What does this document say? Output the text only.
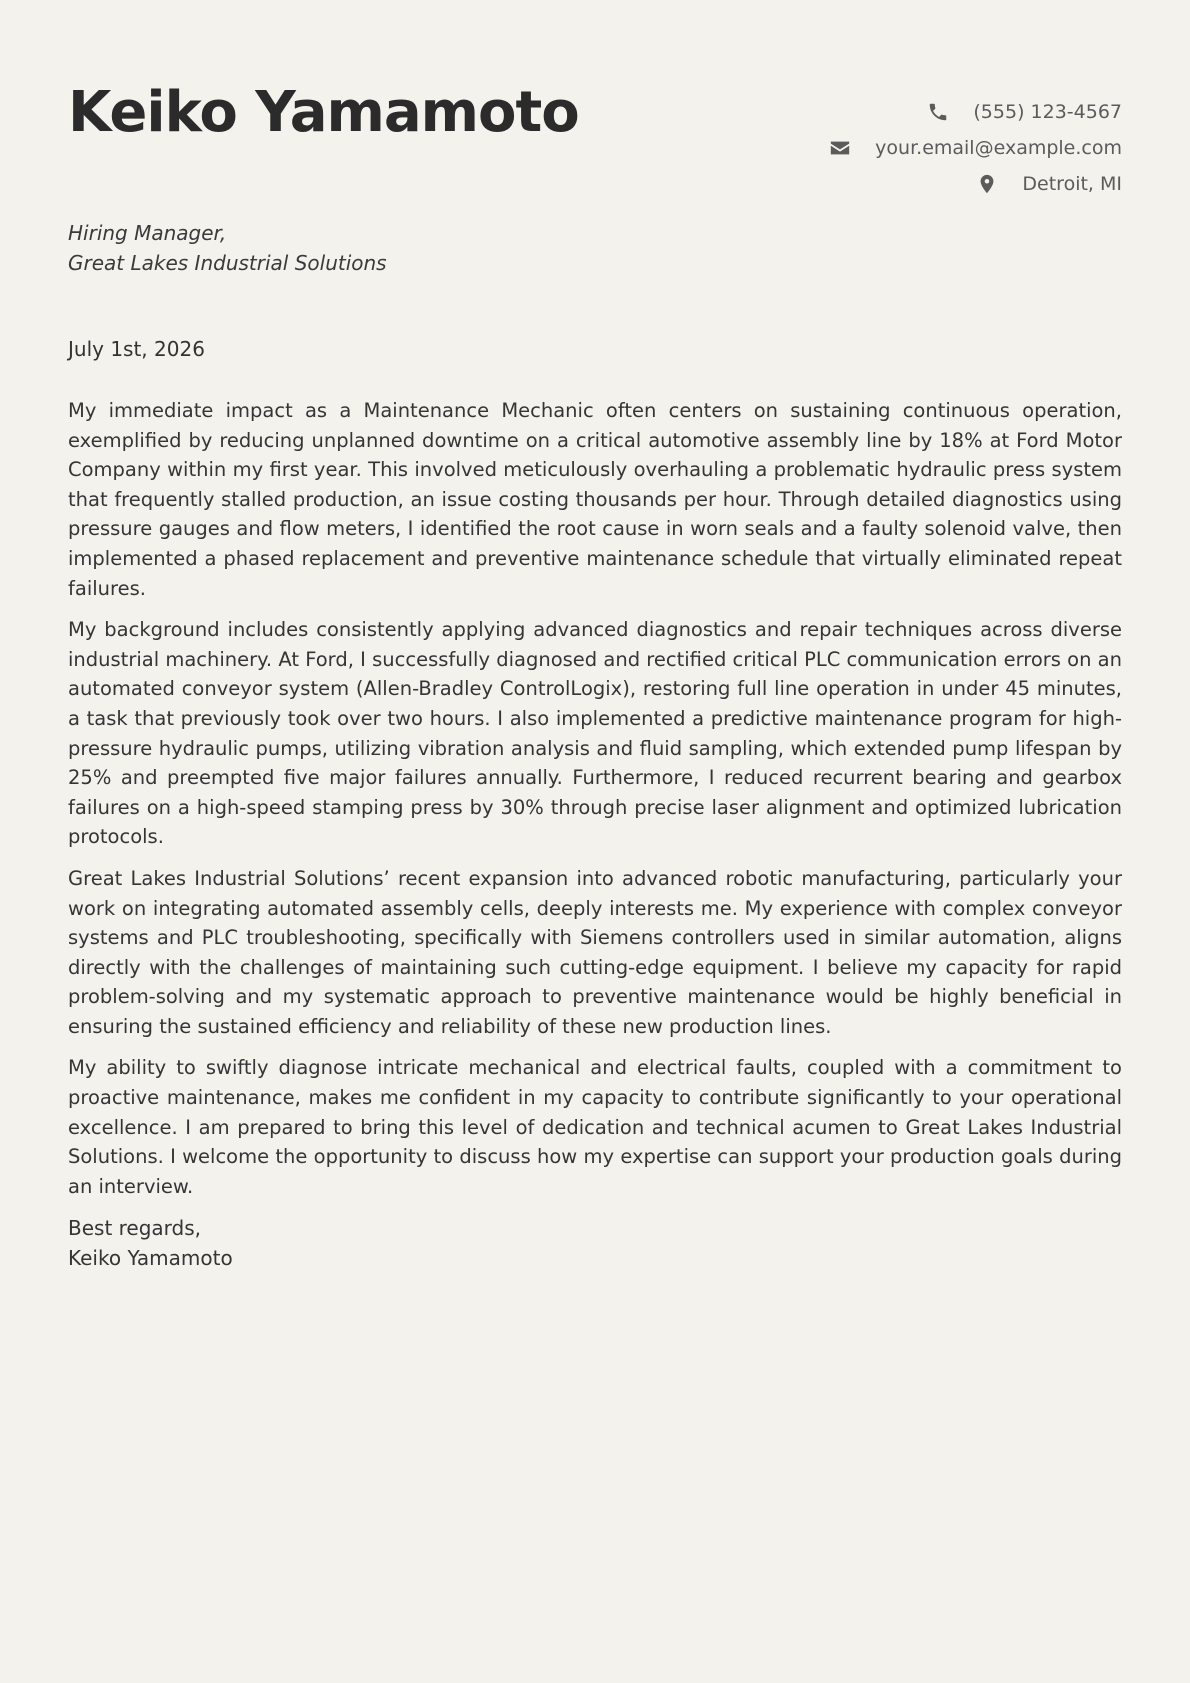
Keiko Yamamoto	(555) 123-4567
your.email@example.com
Detroit, MI
Hiring Manager,
Great Lakes Industrial Solutions
July 1st, 2026

My immediate impact as a Maintenance Mechanic often centers on sustaining continuous operation, exemplified by reducing unplanned downtime on a critical automotive assembly line by 18% at Ford Motor Company within my first year. This involved meticulously overhauling a problematic hydraulic press system that frequently stalled production, an issue costing thousands per hour. Through detailed diagnostics using pressure gauges and flow meters, I identified the root cause in worn seals and a faulty solenoid valve, then implemented a phased replacement and preventive maintenance schedule that virtually eliminated repeat failures.

My background includes consistently applying advanced diagnostics and repair techniques across diverse industrial machinery. At Ford, I successfully diagnosed and rectified critical PLC communication errors on an automated conveyor system (Allen-Bradley ControlLogix), restoring full line operation in under 45 minutes, a task that previously took over two hours. I also implemented a predictive maintenance program for high-pressure hydraulic pumps, utilizing vibration analysis and fluid sampling, which extended pump lifespan by 25% and preempted five major failures annually. Furthermore, I reduced recurrent bearing and gearbox failures on a high-speed stamping press by 30% through precise laser alignment and optimized lubrication protocols.

Great Lakes Industrial Solutions’ recent expansion into advanced robotic manufacturing, particularly your work on integrating automated assembly cells, deeply interests me. My experience with complex conveyor systems and PLC troubleshooting, specifically with Siemens controllers used in similar automation, aligns directly with the challenges of maintaining such cutting-edge equipment. I believe my capacity for rapid problem-solving and my systematic approach to preventive maintenance would be highly beneficial in ensuring the sustained efficiency and reliability of these new production lines.

My ability to swiftly diagnose intricate mechanical and electrical faults, coupled with a commitment to proactive maintenance, makes me confident in my capacity to contribute significantly to your operational excellence. I am prepared to bring this level of dedication and technical acumen to Great Lakes Industrial Solutions. I welcome the opportunity to discuss how my expertise can support your production goals during an interview.

Best regards,
Keiko Yamamoto
